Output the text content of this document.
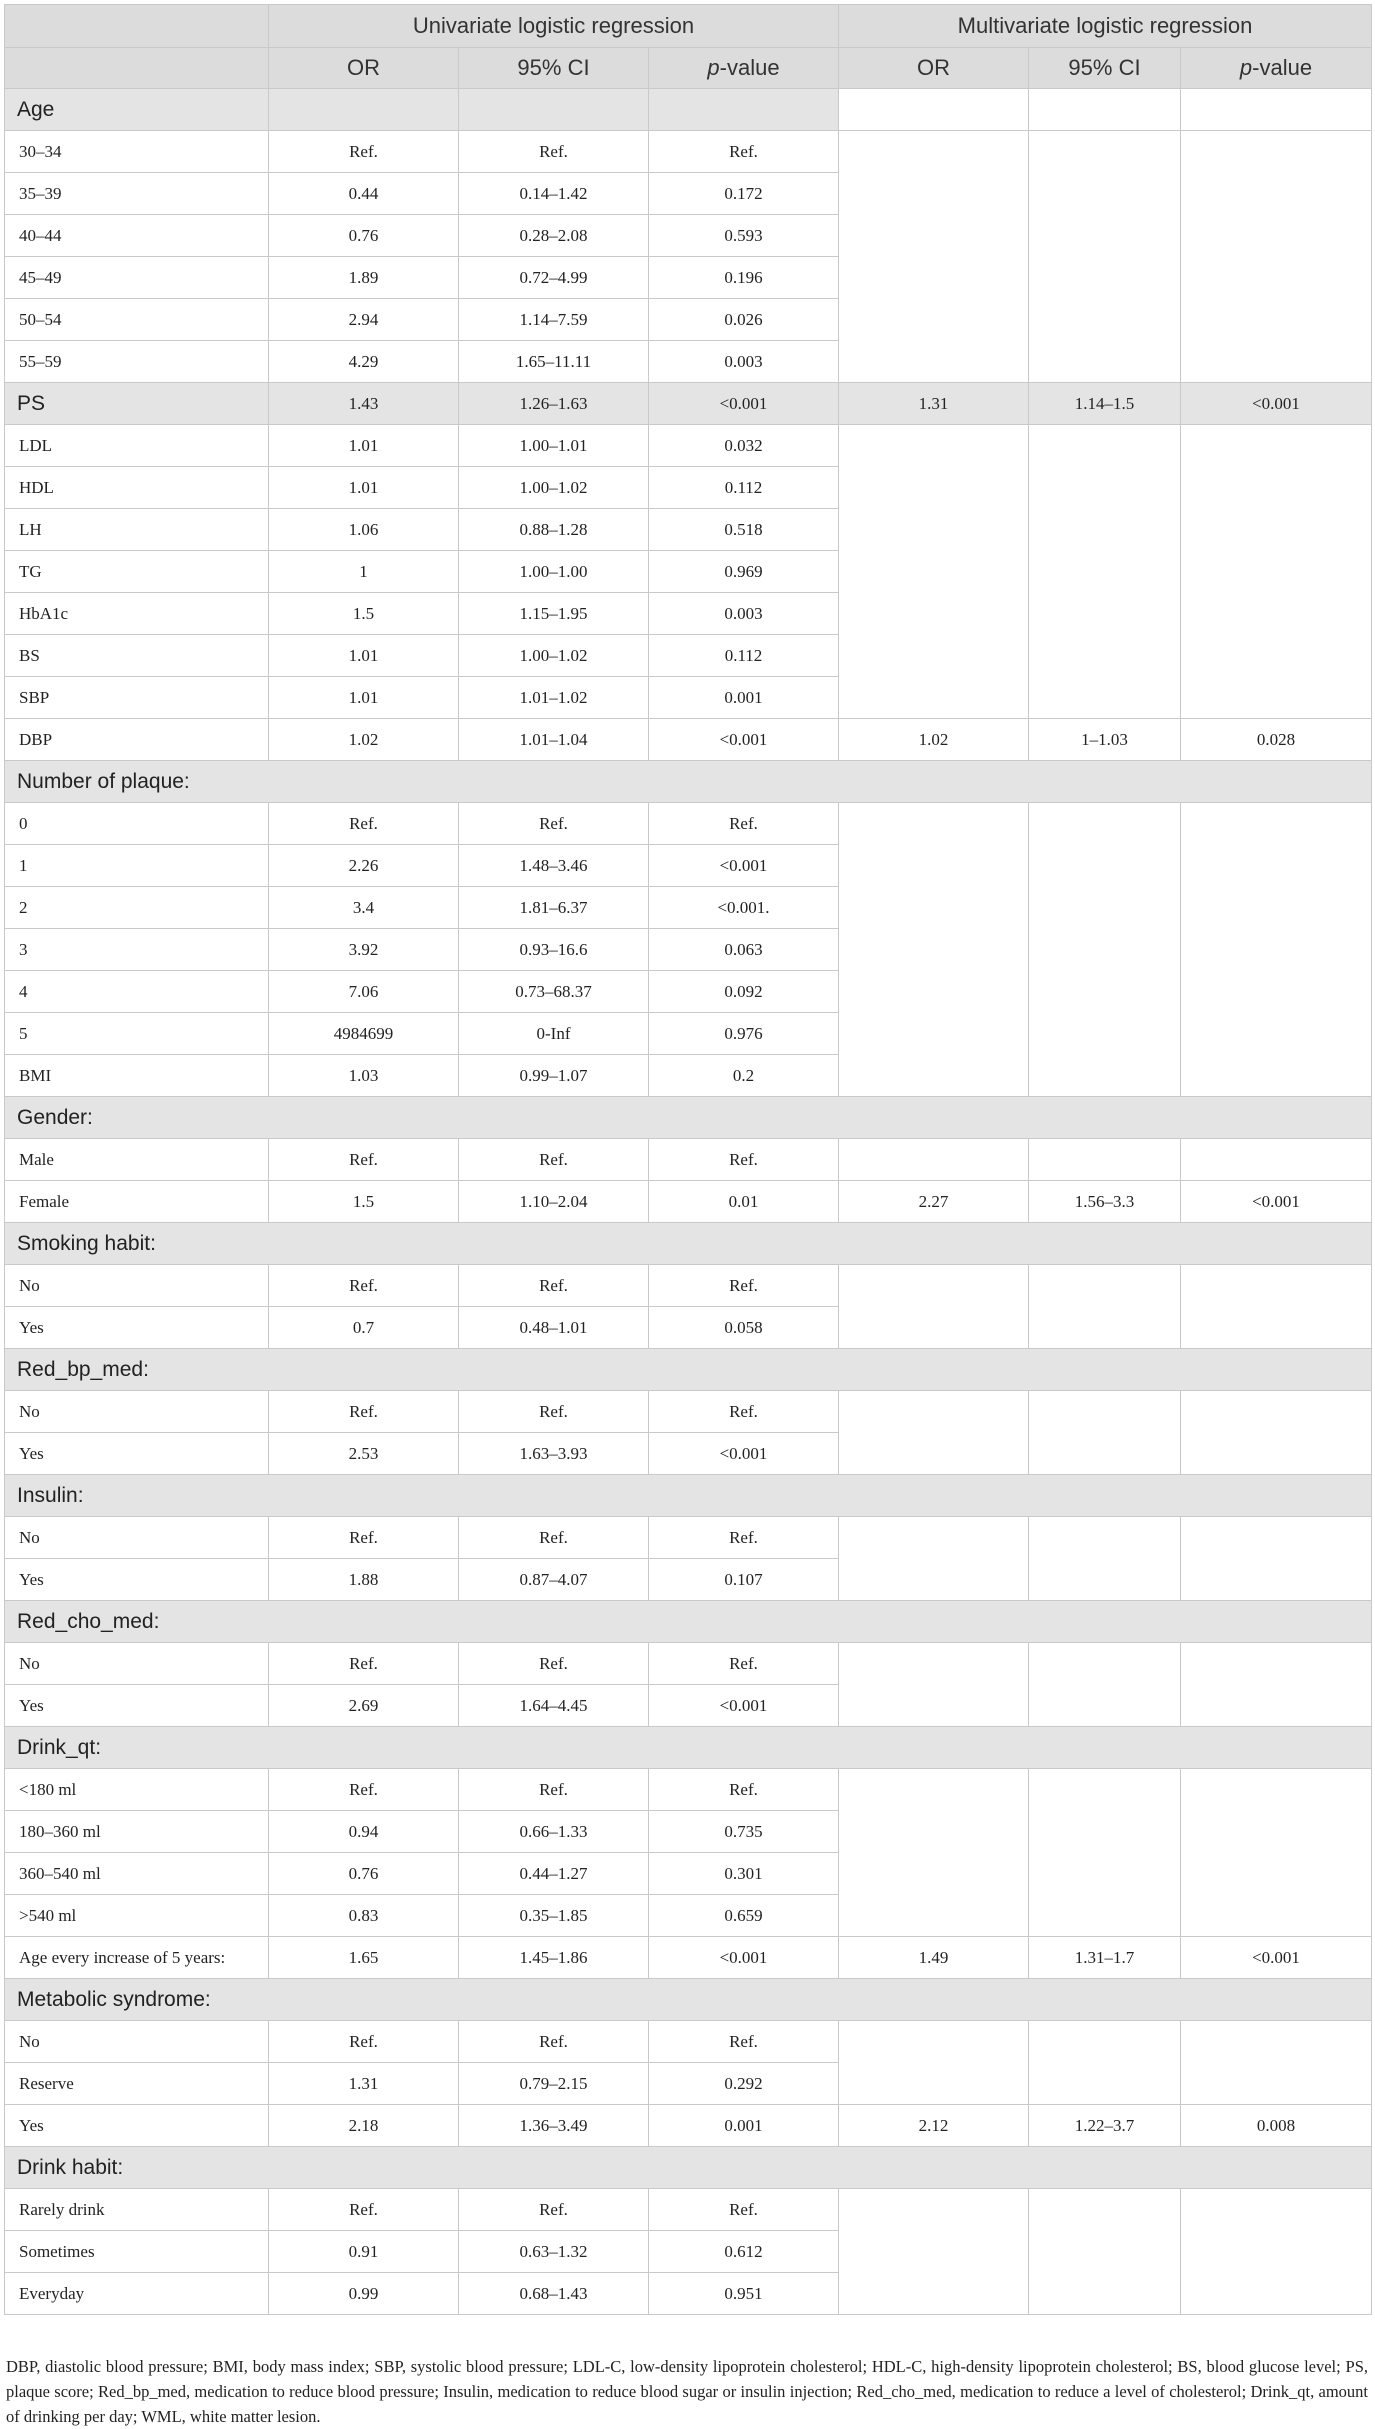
	Univariate logistic regression			Multivariate logistic regression		
	OR	95% CI	p-value	OR	95% CI	p-value
Age						
30–34	Ref.	Ref.	Ref.			
35–39	0.44	0.14–1.42	0.172			
40–44	0.76	0.28–2.08	0.593			
45–49	1.89	0.72–4.99	0.196			
50–54	2.94	1.14–7.59	0.026			
55–59	4.29	1.65–11.11	0.003			
PS	1.43	1.26–1.63	<0.001	1.31	1.14–1.5	<0.001
LDL	1.01	1.00–1.01	0.032			
HDL	1.01	1.00–1.02	0.112			
LH	1.06	0.88–1.28	0.518			
TG	1	1.00–1.00	0.969			
HbA1c	1.5	1.15–1.95	0.003			
BS	1.01	1.00–1.02	0.112			
SBP	1.01	1.01–1.02	0.001			
DBP	1.02	1.01–1.04	<0.001	1.02	1–1.03	0.028
Number of plaque:						
0	Ref.	Ref.	Ref.			
1	2.26	1.48–3.46	<0.001			
2	3.4	1.81–6.37	<0.001.			
3	3.92	0.93–16.6	0.063			
4	7.06	0.73–68.37	0.092			
5	4984699	0-Inf	0.976			
BMI	1.03	0.99–1.07	0.2			
Gender:						
Male	Ref.	Ref.	Ref.			
Female	1.5	1.10–2.04	0.01	2.27	1.56–3.3	<0.001
Smoking habit:						
No	Ref.	Ref.	Ref.			
Yes	0.7	0.48–1.01	0.058			
Red_bp_med:						
No	Ref.	Ref.	Ref.			
Yes	2.53	1.63–3.93	<0.001			
Insulin:						
No	Ref.	Ref.	Ref.			
Yes	1.88	0.87–4.07	0.107			
Red_cho_med:						
No	Ref.	Ref.	Ref.			
Yes	2.69	1.64–4.45	<0.001			
Drink_qt:						
<180 ml	Ref.	Ref.	Ref.			
180–360 ml	0.94	0.66–1.33	0.735			
360–540 ml	0.76	0.44–1.27	0.301			
>540 ml	0.83	0.35–1.85	0.659			
Age every increase of 5 years:	1.65	1.45–1.86	<0.001	1.49	1.31–1.7	<0.001
Metabolic syndrome:						
No	Ref.	Ref.	Ref.			
Reserve	1.31	0.79–2.15	0.292			
Yes	2.18	1.36–3.49	0.001	2.12	1.22–3.7	0.008
Drink habit:						
Rarely drink	Ref.	Ref.	Ref.			
Sometimes	0.91	0.63–1.32	0.612			
Everyday	0.99	0.68–1.43	0.951			
DBP, diastolic blood pressure; BMI, body mass index; SBP, systolic blood pressure; LDL-C, low-density lipoprotein cholesterol; HDL-C, high-density lipoprotein cholesterol; BS, blood glucose level; PS, plaque score; Red_bp_med, medication to reduce blood pressure; Insulin, medication to reduce blood sugar or insulin injection; Red_cho_med, medication to reduce a level of cholesterol; Drink_qt, amount of drinking per day; WML, white matter lesion.
